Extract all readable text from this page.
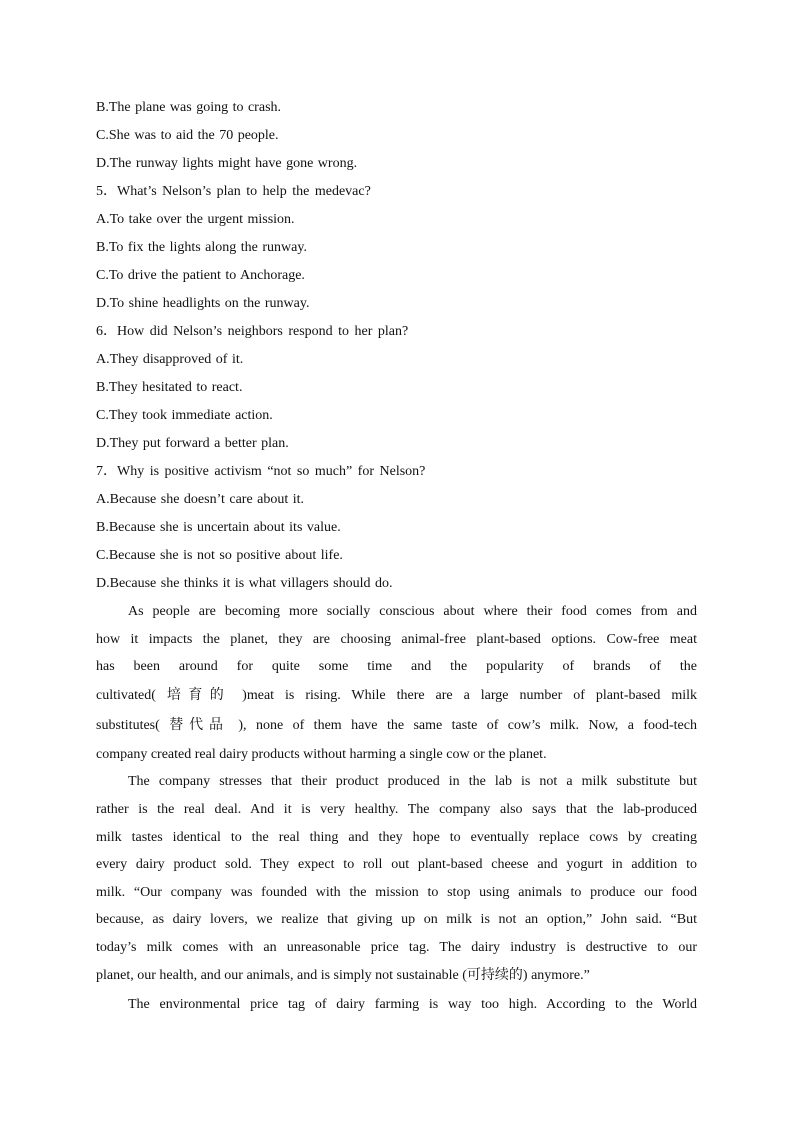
B.The plane was going to crash.
C.She was to aid the 70 people.
D.The runway lights might have gone wrong.
5．What’s Nelson’s plan to help the medevac?
A.To take over the urgent mission.
B.To fix the lights along the runway.
C.To drive the patient to Anchorage.
D.To shine headlights on the runway.
6．How did Nelson’s neighbors respond to her plan?
A.They disapproved of it.
B.They hesitated to react.
C.They took immediate action.
D.They put forward a better plan.
7．Why is positive activism “not so much” for Nelson?
A.Because she doesn’t care about it.
B.Because she is uncertain about its value.
C.Because she is not so positive about life.
D.Because she thinks it is what villagers should do.

As people are becoming more socially conscious about where their food comes from and
how it impacts the planet, they are choosing animal-free plant-based options. Cow-free meat
has been around for quite some time and the popularity of brands of the
cultivated( 培育的 )meat is rising. While there are a large number of plant-based milk
substitutes( 替代品 ), none of them have the same taste of cow’s milk. Now, a food-tech
company created real dairy products without harming a single cow or the planet.

The company stresses that their product produced in the lab is not a milk substitute but
rather is the real deal. And it is very healthy. The company also says that the lab-produced
milk tastes identical to the real thing and they hope to eventually replace cows by creating
every dairy product sold. They expect to roll out plant-based cheese and yogurt in addition to
milk. “Our company was founded with the mission to stop using animals to produce our food
because, as dairy lovers, we realize that giving up on milk is not an option,” John said. “But
today’s milk comes with an unreasonable price tag. The dairy industry is destructive to our
planet, our health, and our animals, and is simply not sustainable (可持续的) anymore.”

The environmental price tag of dairy farming is way too high. According to the World
